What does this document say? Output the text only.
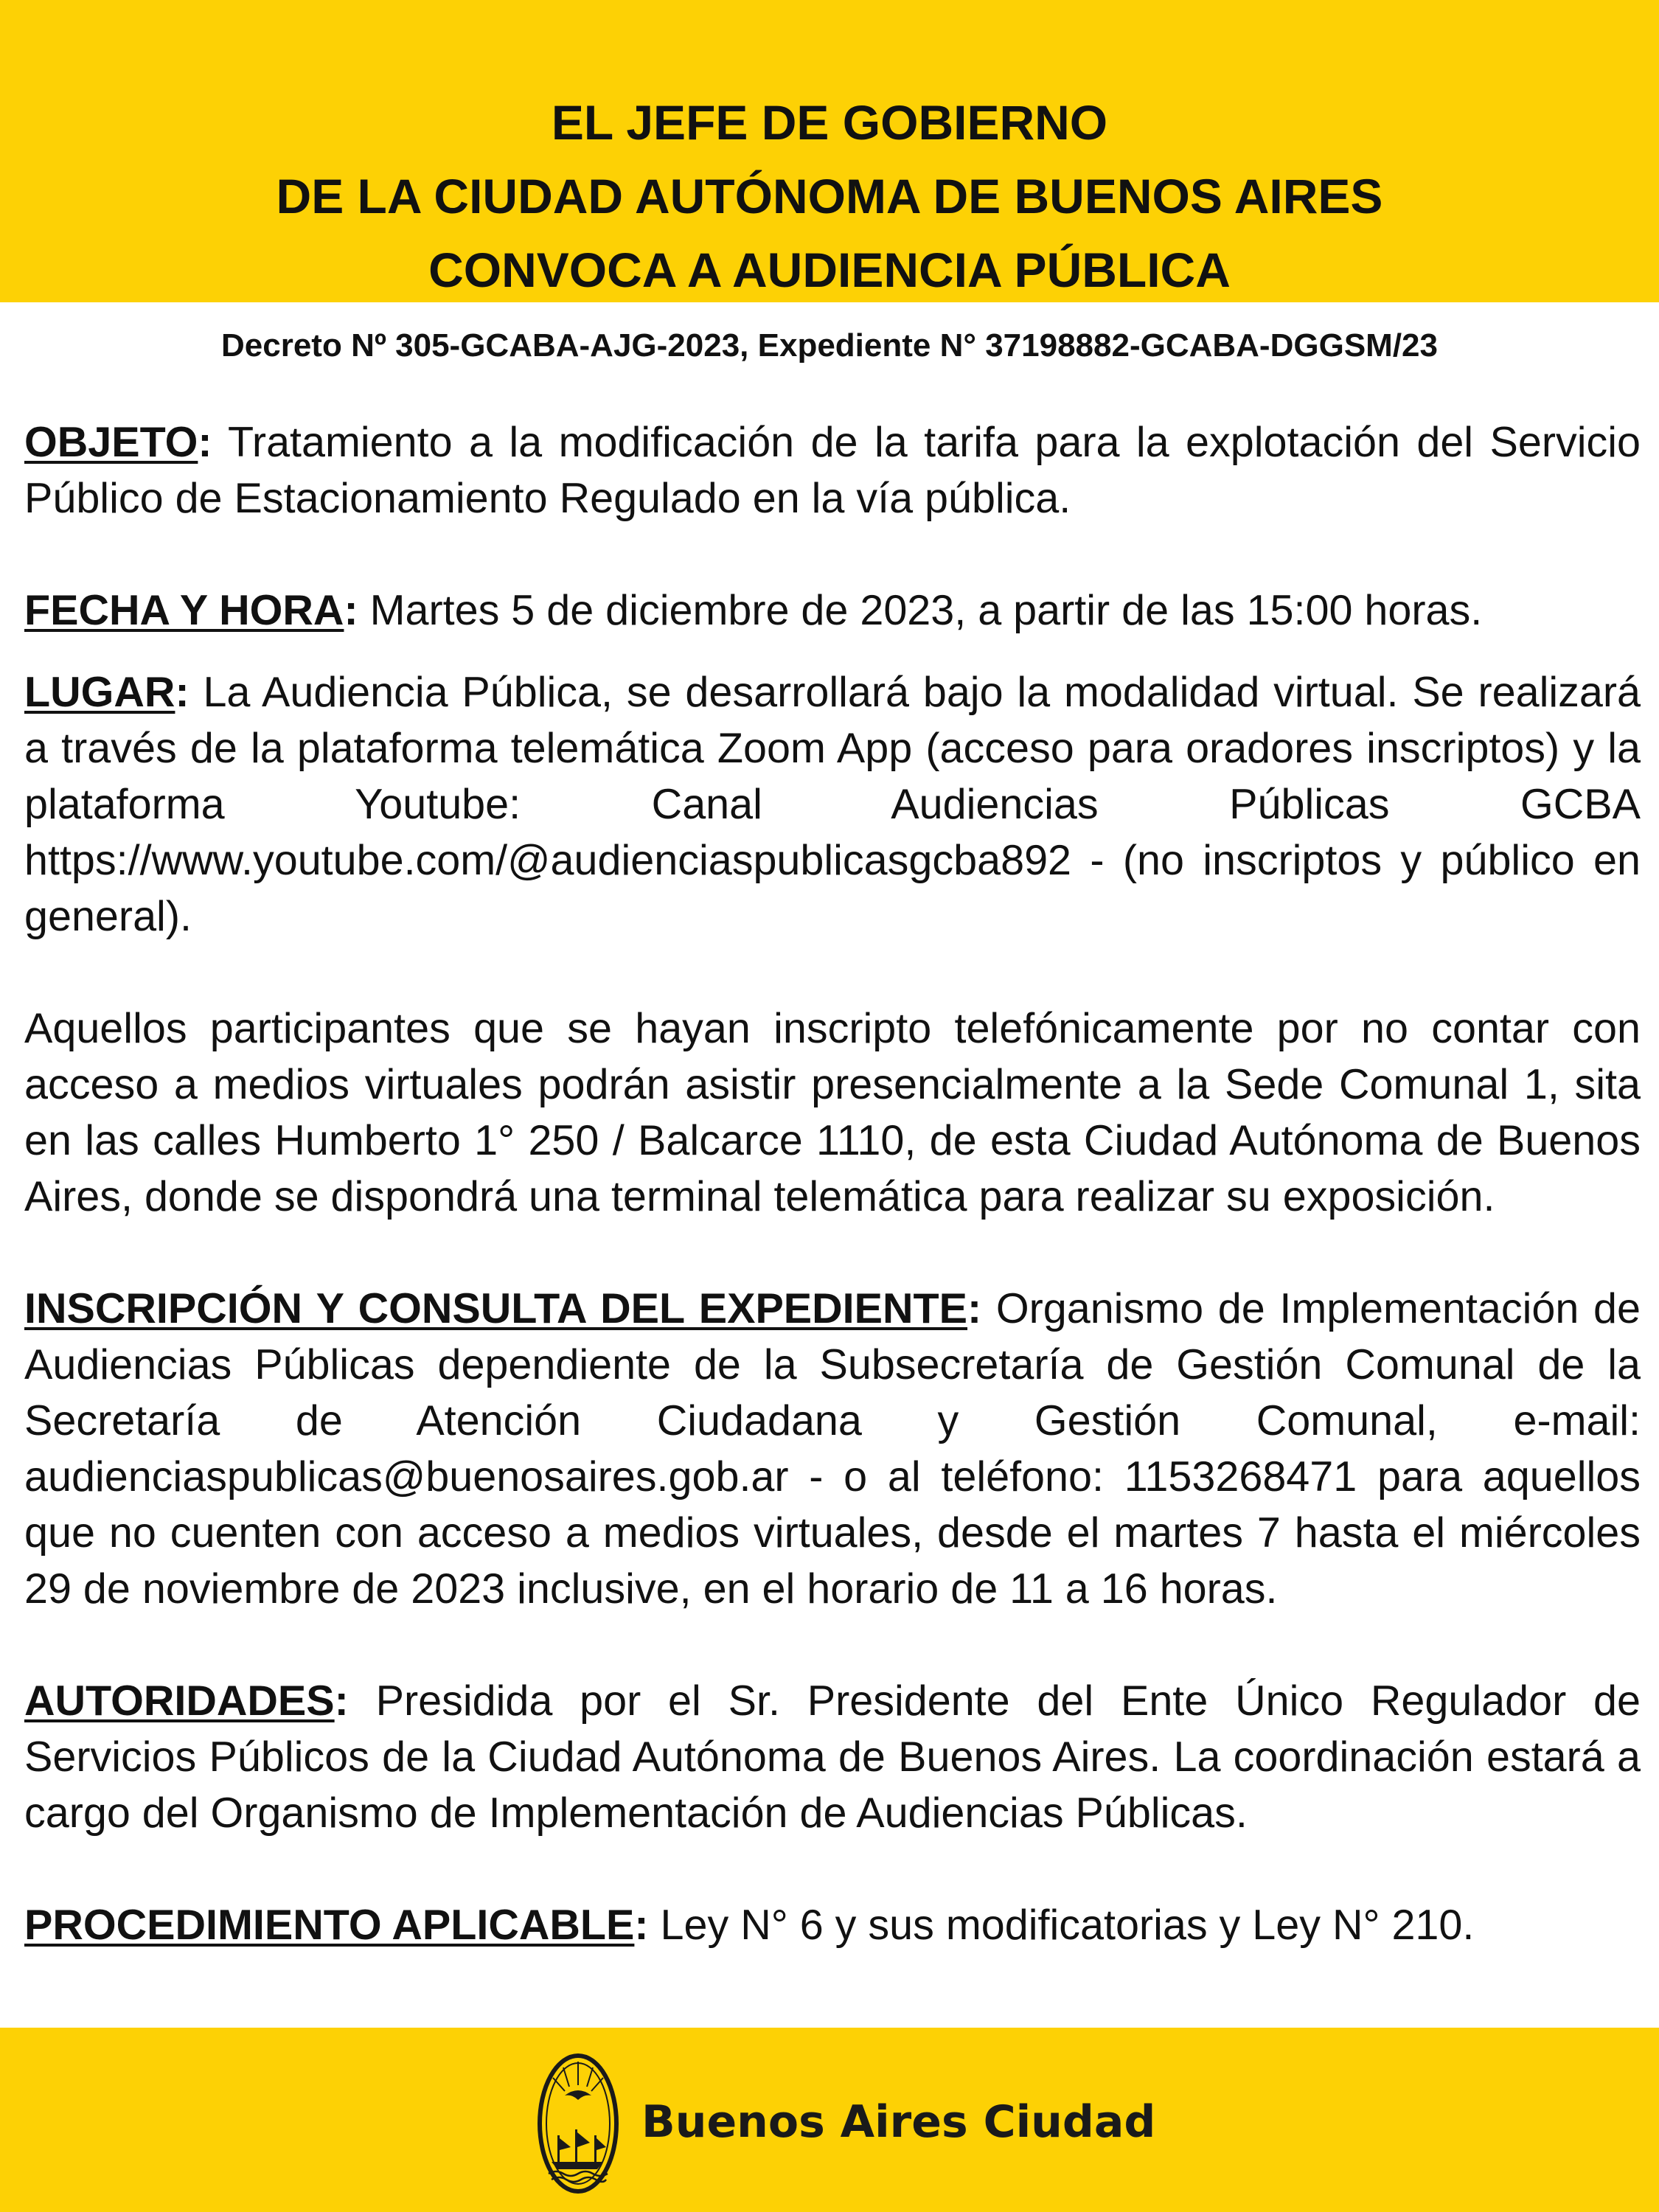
EL JEFE DE GOBIERNO

DE LA CIUDAD AUTÓNOMA DE BUENOS AIRES

CONVOCA A AUDIENCIA PÚBLICA

Decreto Nº 305-GCABA-AJG-2023, Expediente N° 37198882-GCABA-DGGSM/23

OBJETO: Tratamiento a la modificación de la tarifa para la explotación del Servicio Público de Estacionamiento Regulado en la vía pública.

FECHA Y HORA: Martes 5 de diciembre de 2023, a partir de las 15:00 horas.

LUGAR: La Audiencia Pública, se desarrollará bajo la modalidad virtual. Se realizará a través de la plataforma telemática Zoom App (acceso para oradores inscriptos) y la plataforma Youtube: Canal Audiencias Públicas GCBA https://www.youtube.com/@audienciaspublicasgcba892 - (no inscriptos y público en general).

Aquellos participantes que se hayan inscripto telefónicamente por no contar con acceso a medios virtuales podrán asistir presencialmente a la Sede Comunal 1, sita en las calles Humberto 1° 250 / Balcarce 1110, de esta Ciudad Autónoma de Buenos Aires, donde se dispondrá una terminal telemática para realizar su exposición.

INSCRIPCIÓN Y CONSULTA DEL EXPEDIENTE: Organismo de Implementación de Audiencias Públicas dependiente de la Subsecretaría de Gestión Comunal de la Secretaría de Atención Ciudadana y Gestión Comunal, e-mail: audienciaspublicas@buenosaires.gob.ar - o al teléfono: 1153268471 para aquellos que no cuenten con acceso a medios virtuales, desde el martes 7 hasta el miércoles 29 de noviembre de 2023 inclusive, en el horario de 11 a 16 horas.

AUTORIDADES: Presidida por el Sr. Presidente del Ente Único Regulador de Servicios Públicos de la Ciudad Autónoma de Buenos Aires. La coordinación estará a cargo del Organismo de Implementación de Audiencias Públicas.

PROCEDIMIENTO APLICABLE: Ley N° 6 y sus modificatorias y Ley N° 210.

Buenos Aires Ciudad
